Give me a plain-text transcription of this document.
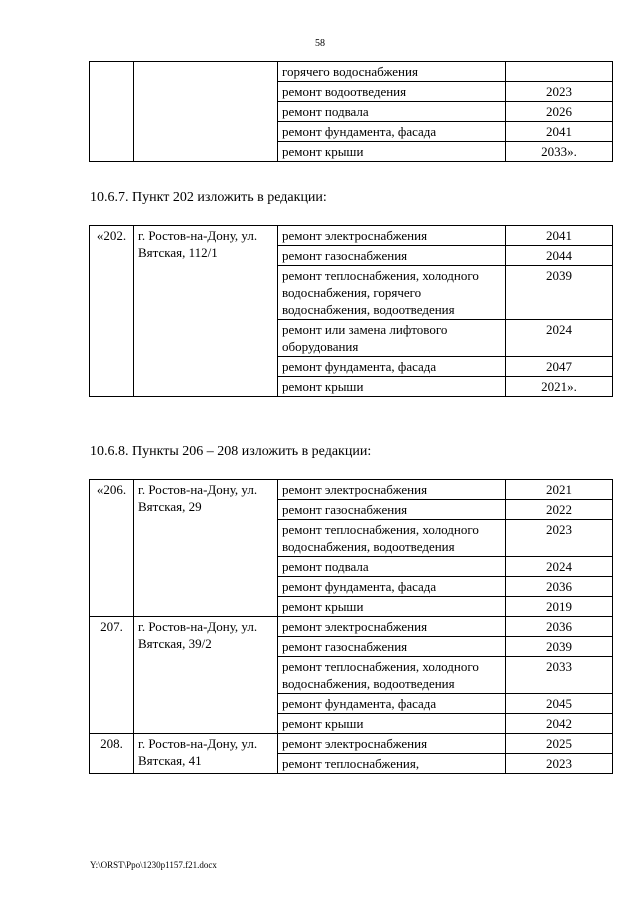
58
		горячего водоснабжения	
		ремонт водоотведения	2023
		ремонт подвала	2026
		ремонт фундамента, фасада	2041
		ремонт крыши	2033».
10.6.7. Пункт 202 изложить в редакции:
«202.	г. Ростов-на-Дону, ул. Вятская, 112/1	ремонт электроснабжения	2041
		ремонт газоснабжения	2044
		ремонт теплоснабжения, холодного водоснабжения, горячего водоснабжения, водоотведения	2039
		ремонт или замена лифтового оборудования	2024
		ремонт фундамента, фасада	2047
		ремонт крыши	2021».
10.6.8. Пункты 206 – 208 изложить в редакции:
«206.	г. Ростов-на-Дону, ул. Вятская, 29	ремонт электроснабжения	2021
		ремонт газоснабжения	2022
		ремонт теплоснабжения, холодного водоснабжения, водоотведения	2023
		ремонт подвала	2024
		ремонт фундамента, фасада	2036
		ремонт крыши	2019
207.	г. Ростов-на-Дону, ул. Вятская, 39/2	ремонт электроснабжения	2036
		ремонт газоснабжения	2039
		ремонт теплоснабжения, холодного водоснабжения, водоотведения	2033
		ремонт фундамента, фасада	2045
		ремонт крыши	2042
208.	г. Ростов-на-Дону, ул. Вятская, 41	ремонт электроснабжения	2025
		ремонт теплоснабжения,	2023
Y:\ORST\Ppo\1230p1157.f21.docx
